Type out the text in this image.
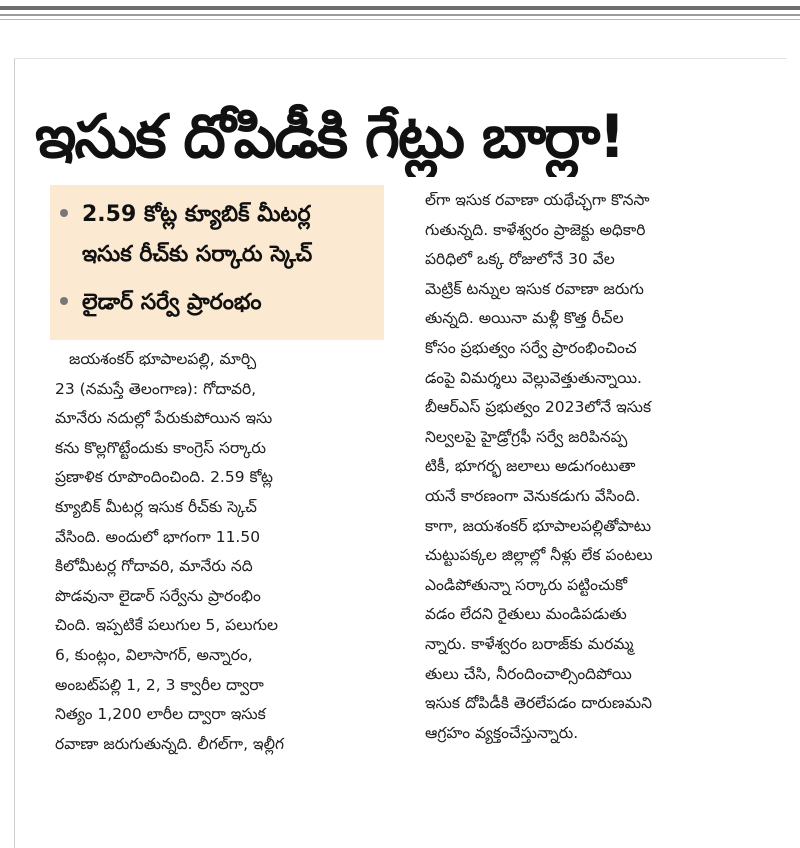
ఇసుక దోపిడీకి గేట్లు బార్లా!
2.59 కోట్ల క్యూబిక్ మీటర్ల
ఇసుక రీచ్‌కు సర్కారు స్కెచ్
లైడార్ సర్వే ప్రారంభం
జయశంకర్ భూపాలపల్లి, మార్చి
23 (నమస్తే తెలంగాణ): గోదావరి,
మానేరు నదుల్లో పేరుకుపోయిన ఇసు
కను కొల్లగొట్టేందుకు కాంగ్రెస్ సర్కారు
ప్రణాళిక రూపొందించింది. 2.59 కోట్ల
క్యూబిక్ మీటర్ల ఇసుక రీచ్‌కు స్కెచ్
వేసింది. అందులో భాగంగా 11.50
కిలోమీటర్ల గోదావరి, మానేరు నది
పొడవునా లైడార్ సర్వేను ప్రారంభిం
చింది. ఇప్పటికే పలుగుల 5, పలుగుల
6, కుంట్లం, విలాసాగర్, అన్నారం,
అంబట్‌పల్లి 1, 2, 3 క్వారీల ద్వారా
నిత్యం 1,200 లారీల ద్వారా ఇసుక
రవాణా జరుగుతున్నది. లీగల్‌గా, ఇల్లీగ
ల్‌గా ఇసుక రవాణా యథేచ్ఛగా కొనసా
గుతున్నది. కాళేశ్వరం ప్రాజెక్టు అధికారి
పరిధిలో ఒక్క రోజులోనే 30 వేల
మెట్రిక్ టన్నుల ఇసుక రవాణా జరుగు
తున్నది. అయినా మళ్లీ కొత్త రీచ్‌ల
కోసం ప్రభుత్వం సర్వే ప్రారంభించించ
డంపై విమర్శలు వెల్లువెత్తుతున్నాయి.
బీఆర్‌ఎస్ ప్రభుత్వం 2023లోనే ఇసుక
నిల్వలపై హైడ్రోగ్రఫీ సర్వే జరిపినప్ప
టికీ, భూగర్భ జలాలు అడుగంటుతా
యనే కారణంగా వెనుకడుగు వేసింది.
కాగా, జయశంకర్ భూపాలపల్లితోపాటు
చుట్టుపక్కల జిల్లాల్లో నీళ్లు లేక పంటలు
ఎండిపోతున్నా సర్కారు పట్టించుకో
వడం లేదని రైతులు మండిపడుతు
న్నారు. కాళేశ్వరం బరాజ్‌కు మరమ్మ
తులు చేసి, నీరందించాల్సిందిపోయి
ఇసుక దోపిడీకి తెరలేపడం దారుణమని
ఆగ్రహం వ్యక్తంచేస్తున్నారు.
